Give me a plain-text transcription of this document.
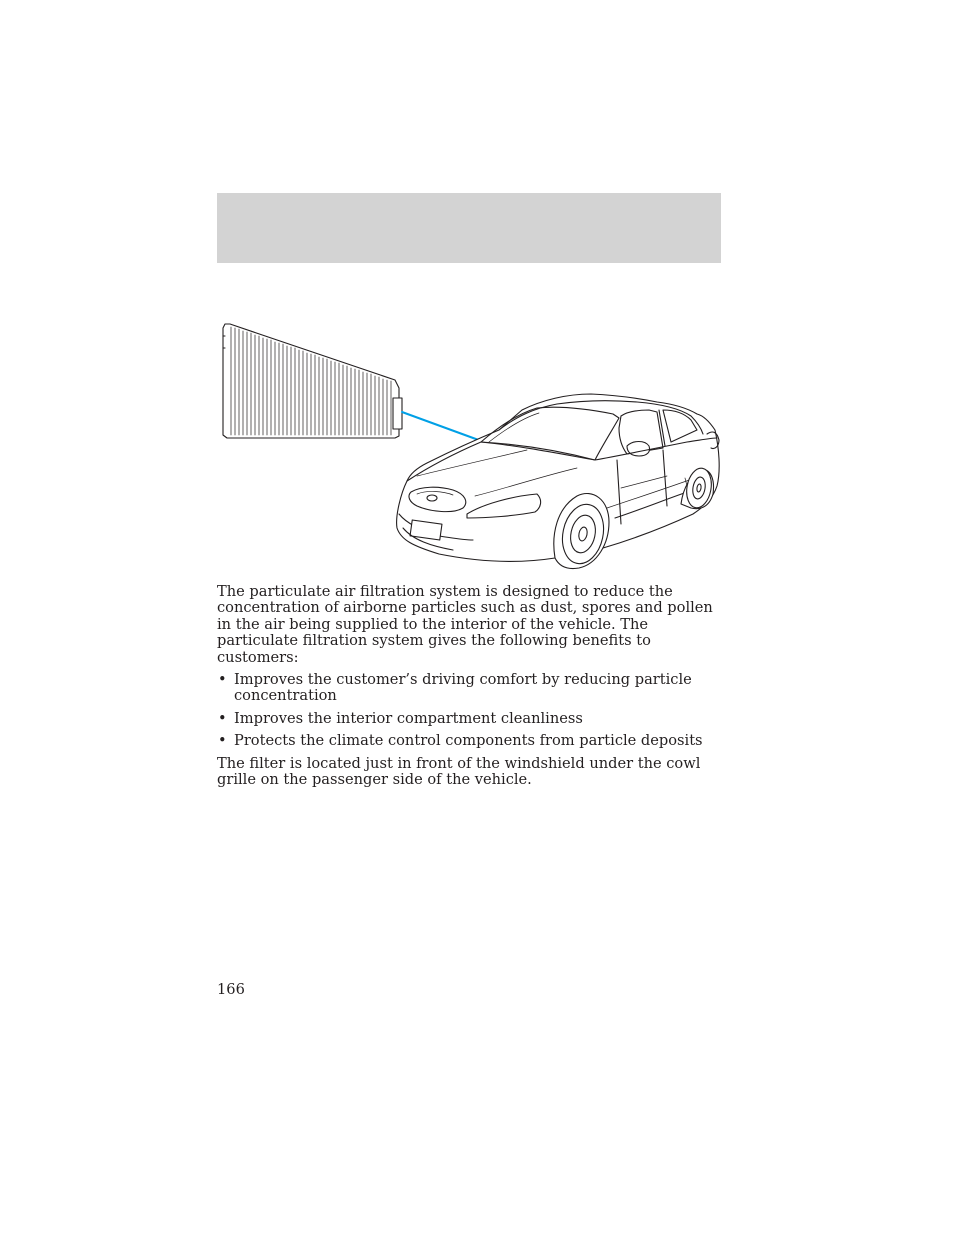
The particulate air filtration system is designed to reduce the concentration of airborne particles such as dust, spores and pollen in the air being supplied to the interior of the vehicle. The particulate filtration system gives the following benefits to customers:

• Improves the customer’s driving comfort by reducing particle concentration
• Improves the interior compartment cleanliness
• Protects the climate control components from particle deposits

The filter is located just in front of the windshield under the cowl grille on the passenger side of the vehicle.

166
